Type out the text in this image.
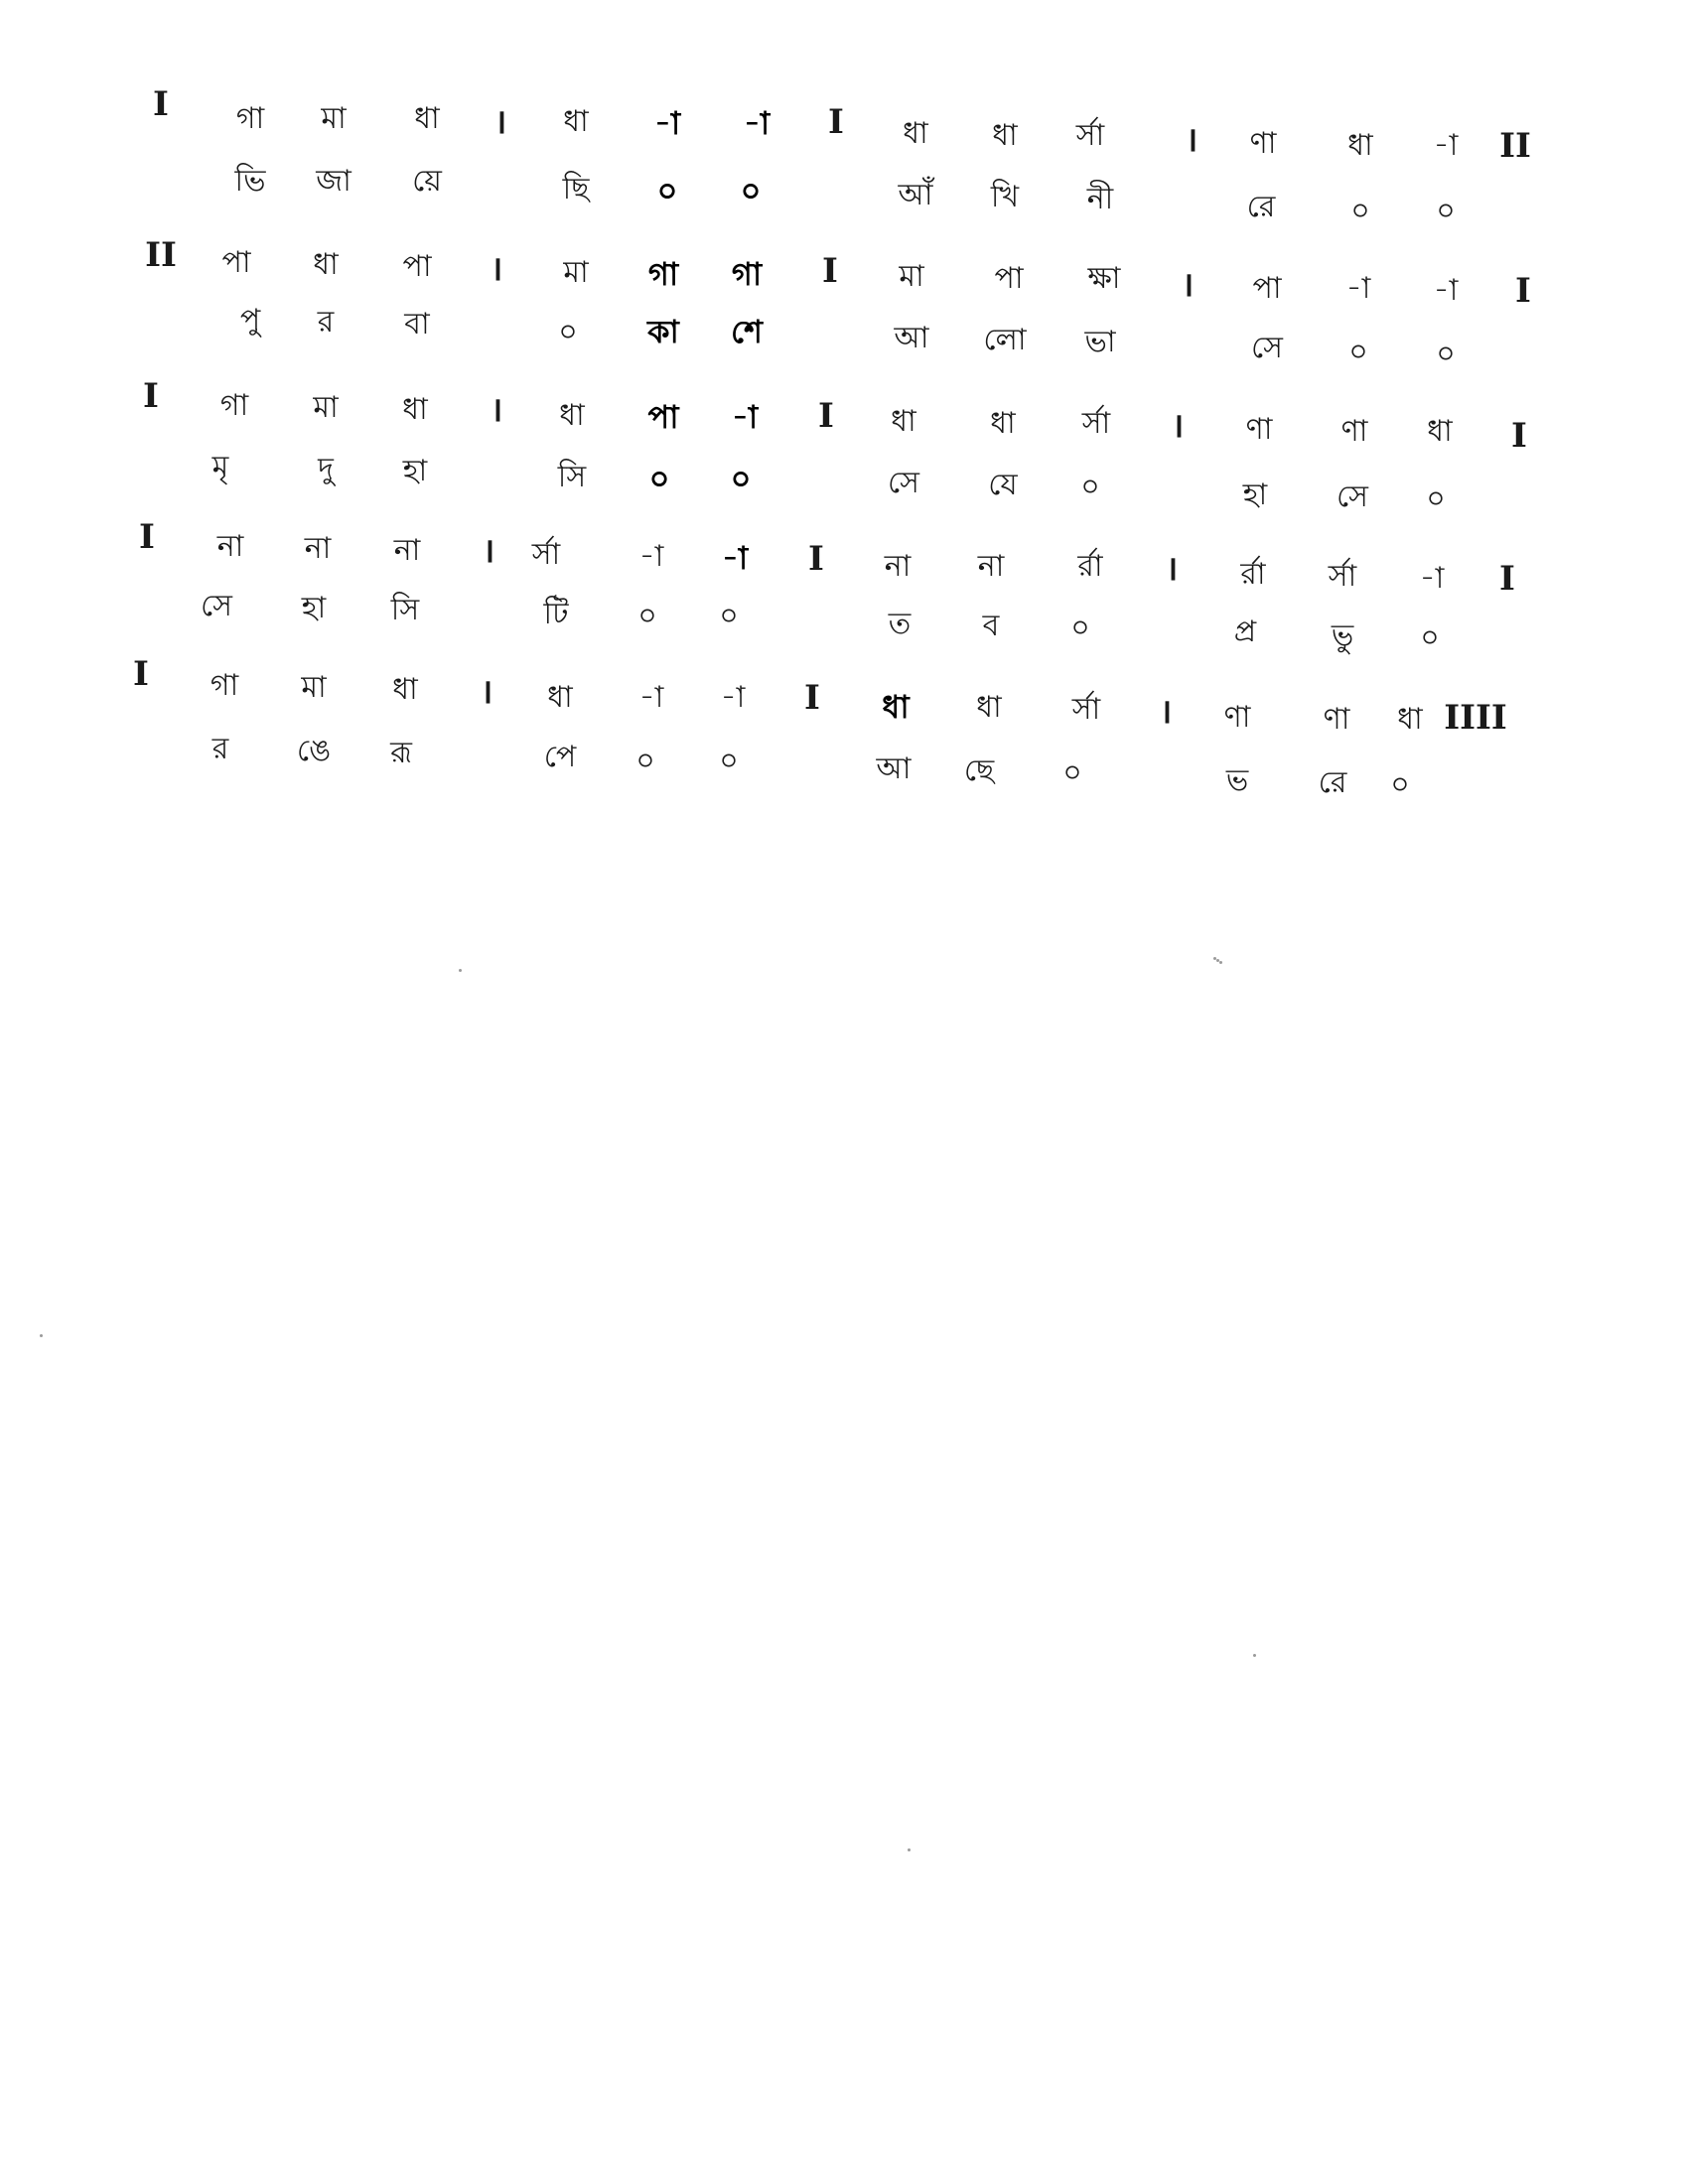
I গা মা ধা । ধা -া -া I ধা ধা র্সা । ণা ধা -া II
ভি জা য়ে	ছি ০ ০	আঁ খি নী	রে	০ ০
II পা ধা পা । মা গা গা I মা পা ক্ষা । পা -া -া I
পু র বা	০ কা শে	আ লো ভা	সে ০ ০
I গা মা ধা । ধা পা -া I ধা ধা র্সা । ণা ণা ধা I
মৃ	দু হা	সি ০ ০	সে যে ০	হা সে ০
I না না না । র্সা	-া -া I না না র্রা । র্রা র্সা -া I
সে হা সি	টি ০ ০	ত ব ০	প্র	ভু ০
I গা মা ধা । ধা -া -া I ধা ধা র্সা । ণা ণা ধা IIII
র ঙে রূ	পে ০ ০	আ ছে ০	ভ রে ০
